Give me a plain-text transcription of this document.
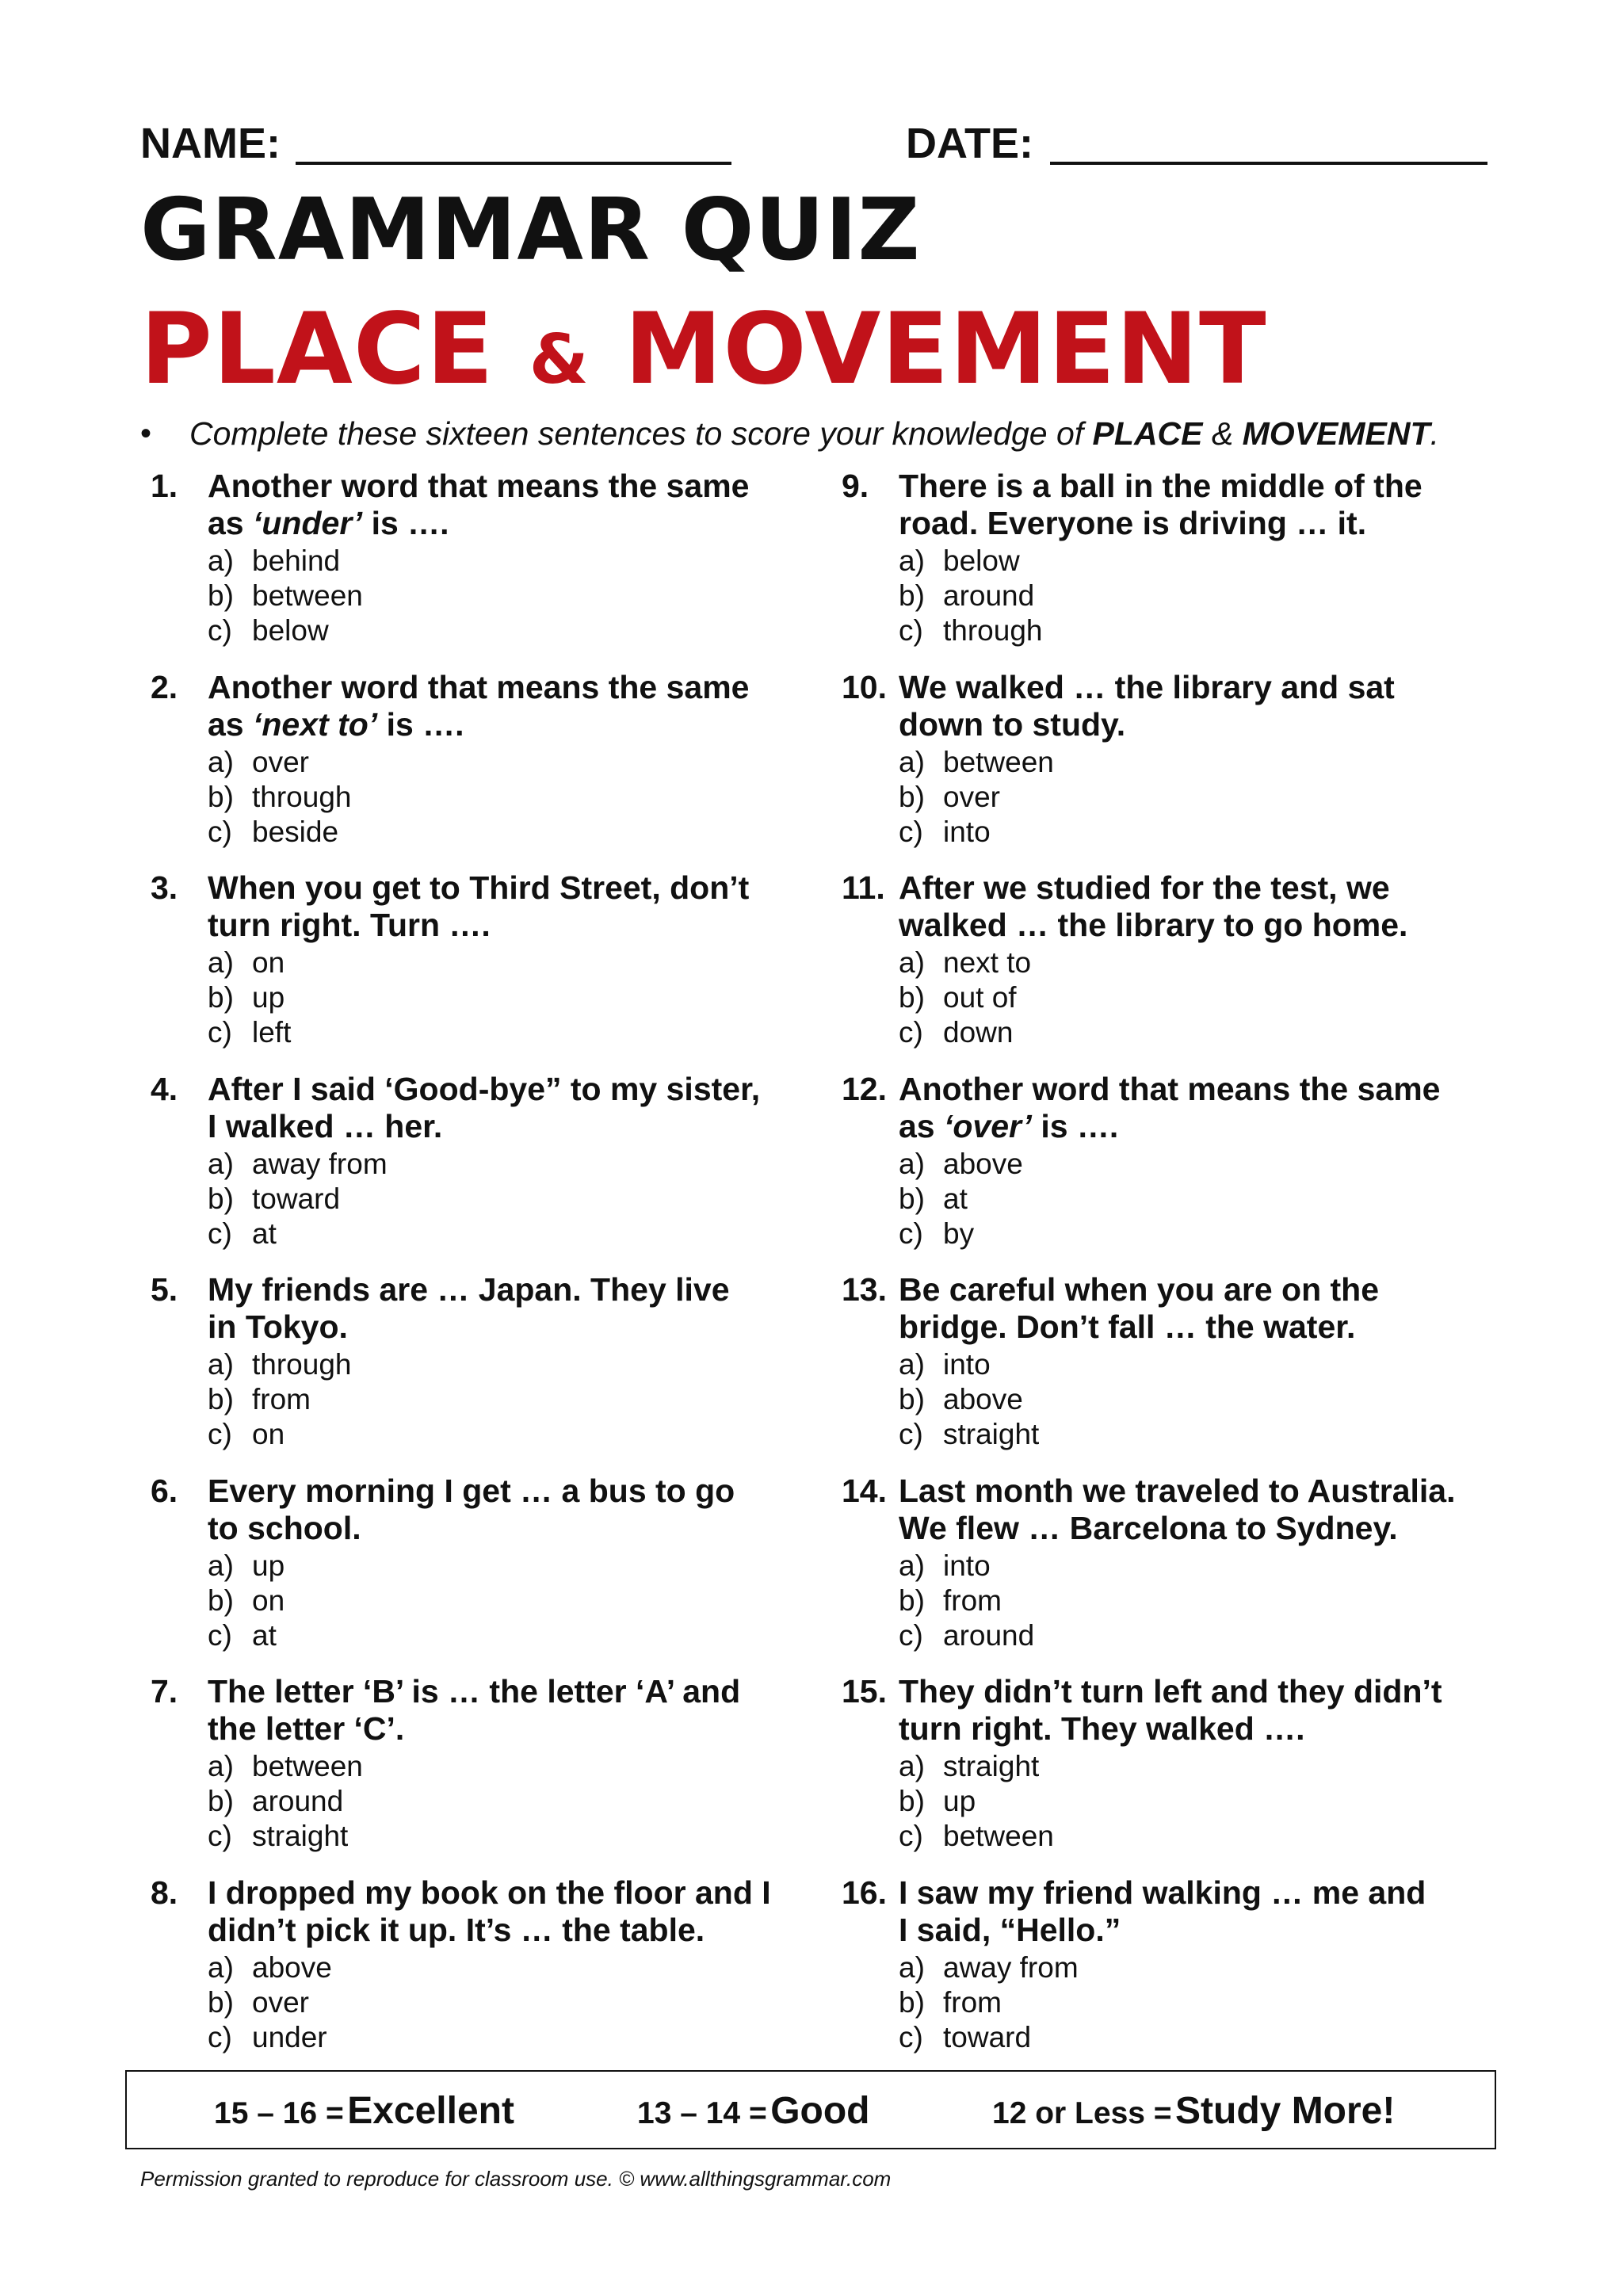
NAME:	DATE:
GRAMMAR QUIZ
PLACE & MOVEMENT
• Complete these sixteen sentences to score your knowledge of PLACE & MOVEMENT.
1. Another word that means the same
as ‘under’ is ….
a) behind
b) between
c) below
2. Another word that means the same
as ‘next to’ is ….
a) over
b) through
c) beside
3. When you get to Third Street, don’t
turn right. Turn ….
a) on
b) up
c) left
4. After I said ‘Good-bye” to my sister,
I walked … her.
a) away from
b) toward
c) at
5. My friends are … Japan. They live
in Tokyo.
a) through
b) from
c) on
6. Every morning I get … a bus to go
to school.
a) up
b) on
c) at
7. The letter ‘B’ is … the letter ‘A’ and
the letter ‘C’.
a) between
b) around
c) straight
8. I dropped my book on the floor and I
didn’t pick it up. It’s … the table.
a) above
b) over
c) under
9. There is a ball in the middle of the
road. Everyone is driving … it.
a) below
b) around
c) through
10. We walked … the library and sat
down to study.
a) between
b) over
c) into
11. After we studied for the test, we
walked … the library to go home.
a) next to
b) out of
c) down
12. Another word that means the same
as ‘over’ is ….
a) above
b) at
c) by
13. Be careful when you are on the
bridge. Don’t fall … the water.
a) into
b) above
c) straight
14. Last month we traveled to Australia.
We flew … Barcelona to Sydney.
a) into
b) from
c) around
15. They didn’t turn left and they didn’t
turn right. They walked ….
a) straight
b) up
c) between
16. I saw my friend walking … me and
I said, “Hello.”
a) away from
b) from
c) toward
15 – 16 = Excellent	13 – 14 = Good	12 or Less = Study More!
Permission granted to reproduce for classroom use. © www.allthingsgrammar.com
